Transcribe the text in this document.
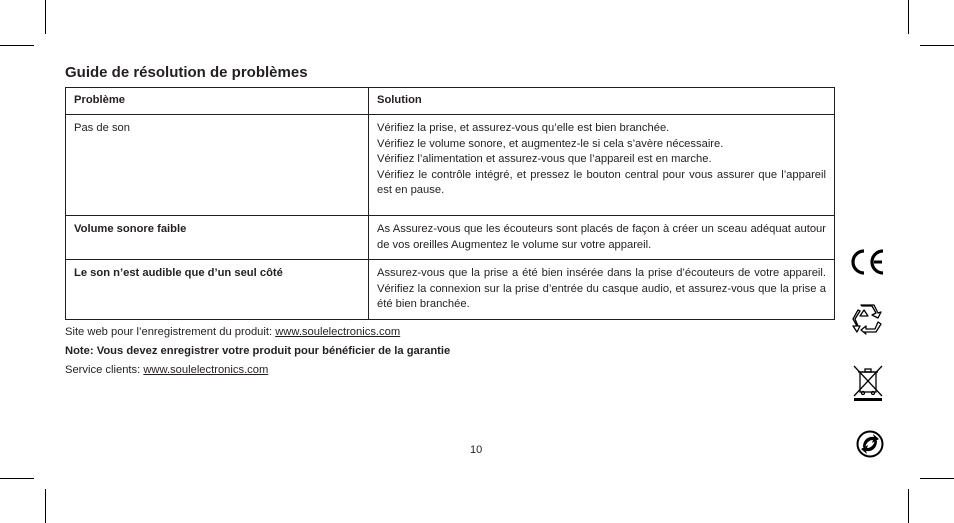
Guide de résolution de problèmes
Problème	Solution
Pas de son	Vérifiez la prise, et assurez-vous qu’elle est bien branchée.
Vérifiez le volume sonore, et augmentez-le si cela s’avère nécessaire.
Vérifiez l’alimentation et assurez-vous que l’appareil est en marche.
Vérifiez le contrôle intégré, et pressez le bouton central pour vous assurer que l’appareil est en pause.

Volume sonore faible	As Assurez-vous que les écouteurs sont placés de façon à créer un sceau adéquat autour de vos oreilles Augmentez le volume sur votre appareil.

Le son n’est audible que d’un seul côté	Assurez-vous que la prise a été bien insérée dans la prise d’écouteurs de votre appareil. Vérifiez la connexion sur la prise d’entrée du casque audio, et assurez-vous que la prise a été bien branchée.
Site web pour l’enregistrement du produit: www.soulelectronics.com
Note: Vous devez enregistrer votre produit pour bénéficier de la garantie
Service clients: www.soulelectronics.com
10
